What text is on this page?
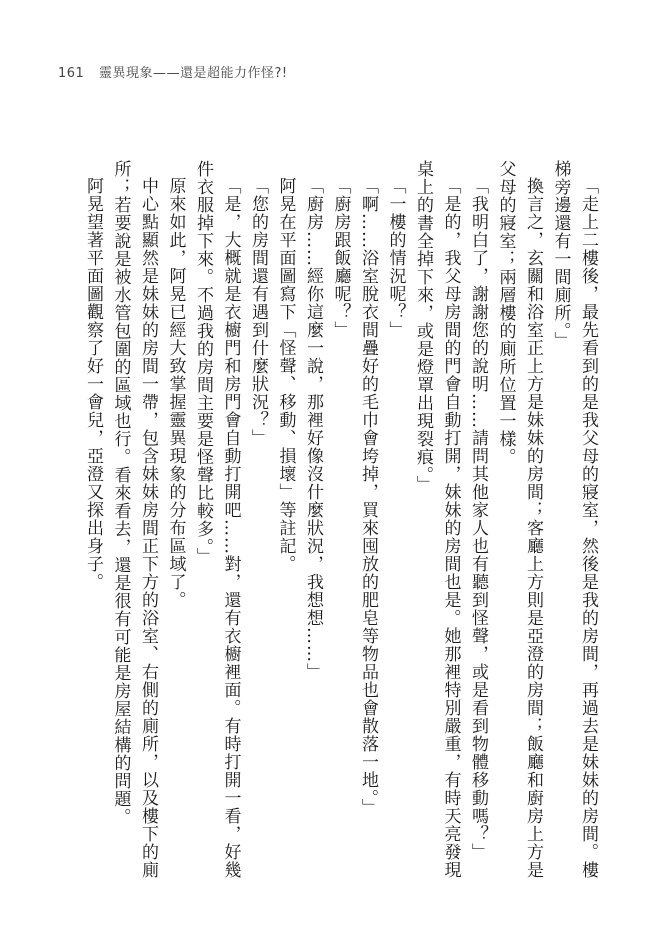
161 靈異現象——還是超能力作怪?!

「走上二樓後，最先看到的是我父母的寢室，然後是我的房間，再過去是妹妹的房間。樓梯旁邊還有一間廁所。」

換言之，玄關和浴室正上方是妹妹的房間；客廳上方則是亞澄的房間；飯廳和廚房上方是父母的寢室；兩層樓的廁所位置一樣。

「我明白了，謝謝您的說明……請問其他家人也有聽到怪聲，或是看到物體移動嗎？」

「是的，我父母房間的門會自動打開，妹妹的房間也是。她那裡特別嚴重，有時天亮發現桌上的書全掉下來，或是燈罩出現裂痕。」

「一樓的情況呢？」

「啊……浴室脫衣間疊好的毛巾會垮掉，買來囤放的肥皂等物品也會散落一地。」

「廚房跟飯廳呢？」

「廚房……經你這麼一說，那裡好像沒什麼狀況，我想想……」

阿晃在平面圖寫下「怪聲、移動、損壞」等註記。

「您的房間還有遇到什麼狀況？」

「是，大概就是衣櫥門和房門會自動打開吧……對，還有衣櫥裡面。有時打開一看，好幾件衣服掉下來。不過我的房間主要是怪聲比較多。」

原來如此，阿晃已經大致掌握靈異現象的分布區域了。

中心點顯然是妹妹的房間一帶，包含妹妹房間正下方的浴室、右側的廁所，以及樓下的廁所；若要說是被水管包圍的區域也行。看來看去，還是很有可能是房屋結構的問題。

阿晃望著平面圖觀察了好一會兒，亞澄又探出身子。
